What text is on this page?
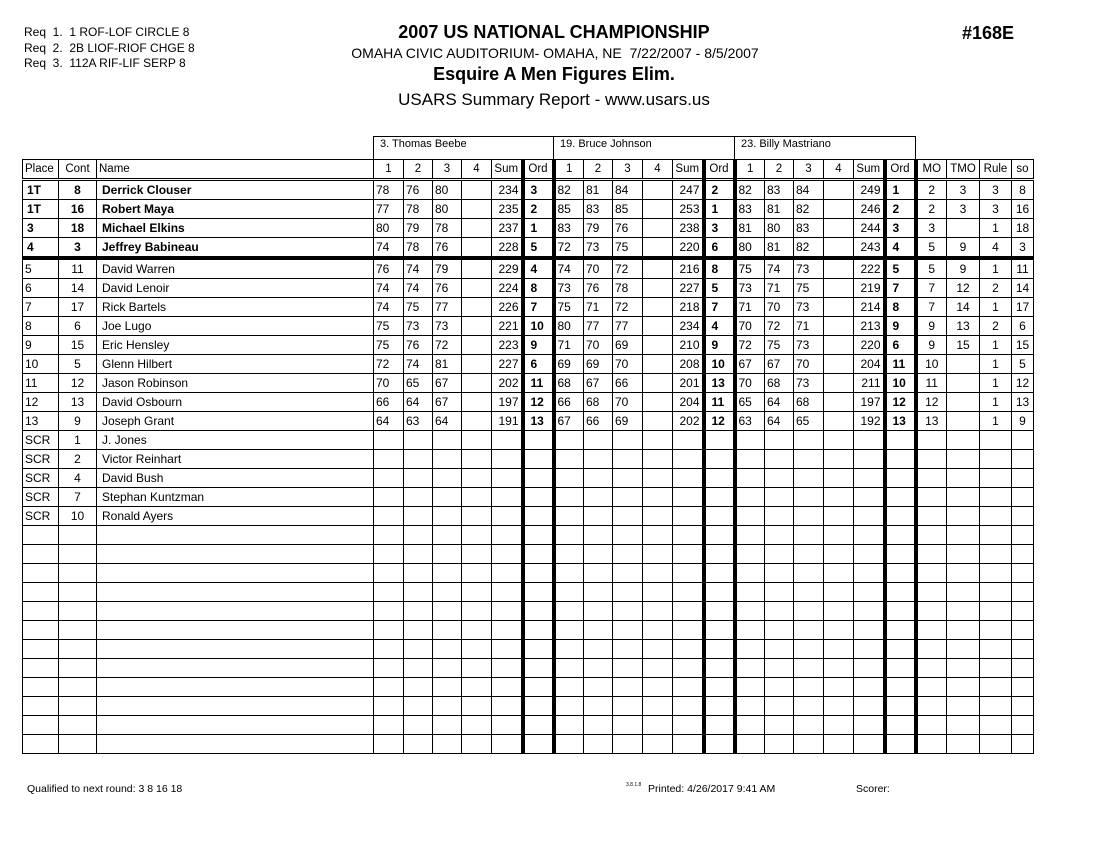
Req  1.  1 ROF-LOF CIRCLE 8
Req  2.  2B LIOF-RIOF CHGE 8
Req  3.  112A RIF-LIF SERP 8
2007 US NATIONAL CHAMPIONSHIP
OMAHA CIVIC AUDITORIUM- OMAHA, NE  7/22/2007 - 8/5/2007
Esquire A Men Figures Elim.
USARS Summary Report - www.usars.us
#168E
3. Thomas Beebe	19. Bruce Johnson	23. Billy Mastriano
Place	Cont	Name	1	2	3	4	Sum	Ord	1	2	3	4	Sum	Ord	1	2	3	4	Sum	Ord	MO	TMO	Rule	so
1T	8	Derrick Clouser	78	76	80		234	3	82	81	84		247	2	82	83	84		249	1	2	3	3	8
1T	16	Robert Maya	77	78	80		235	2	85	83	85		253	1	83	81	82		246	2	2	3	3	16
3	18	Michael Elkins	80	79	78		237	1	83	79	76		238	3	81	80	83		244	3	3		1	18
4	3	Jeffrey Babineau	74	78	76		228	5	72	73	75		220	6	80	81	82		243	4	5	9	4	3
5	11	David Warren	76	74	79		229	4	74	70	72		216	8	75	74	73		222	5	5	9	1	11
6	14	David Lenoir	74	74	76		224	8	73	76	78		227	5	73	71	75		219	7	7	12	2	14
7	17	Rick Bartels	74	75	77		226	7	75	71	72		218	7	71	70	73		214	8	7	14	1	17
8	6	Joe Lugo	75	73	73		221	10	80	77	77		234	4	70	72	71		213	9	9	13	2	6
9	15	Eric Hensley	75	76	72		223	9	71	70	69		210	9	72	75	73		220	6	9	15	1	15
10	5	Glenn Hilbert	72	74	81		227	6	69	69	70		208	10	67	67	70		204	11	10		1	5
11	12	Jason Robinson	70	65	67		202	11	68	67	66		201	13	70	68	73		211	10	11		1	12
12	13	David Osbourn	66	64	67		197	12	66	68	70		204	11	65	64	68		197	12	12		1	13
13	9	Joseph Grant	64	63	64		191	13	67	66	69		202	12	63	64	65		192	13	13		1	9
SCR	1	J. Jones																						
SCR	2	Victor Reinhart																						
SCR	4	David Bush																						
SCR	7	Stephan Kuntzman																						
SCR	10	Ronald Ayers																						

Qualified to next round: 3 8 16 18	3.8.1.8 Printed: 4/26/2017 9:41 AM	Scorer:
